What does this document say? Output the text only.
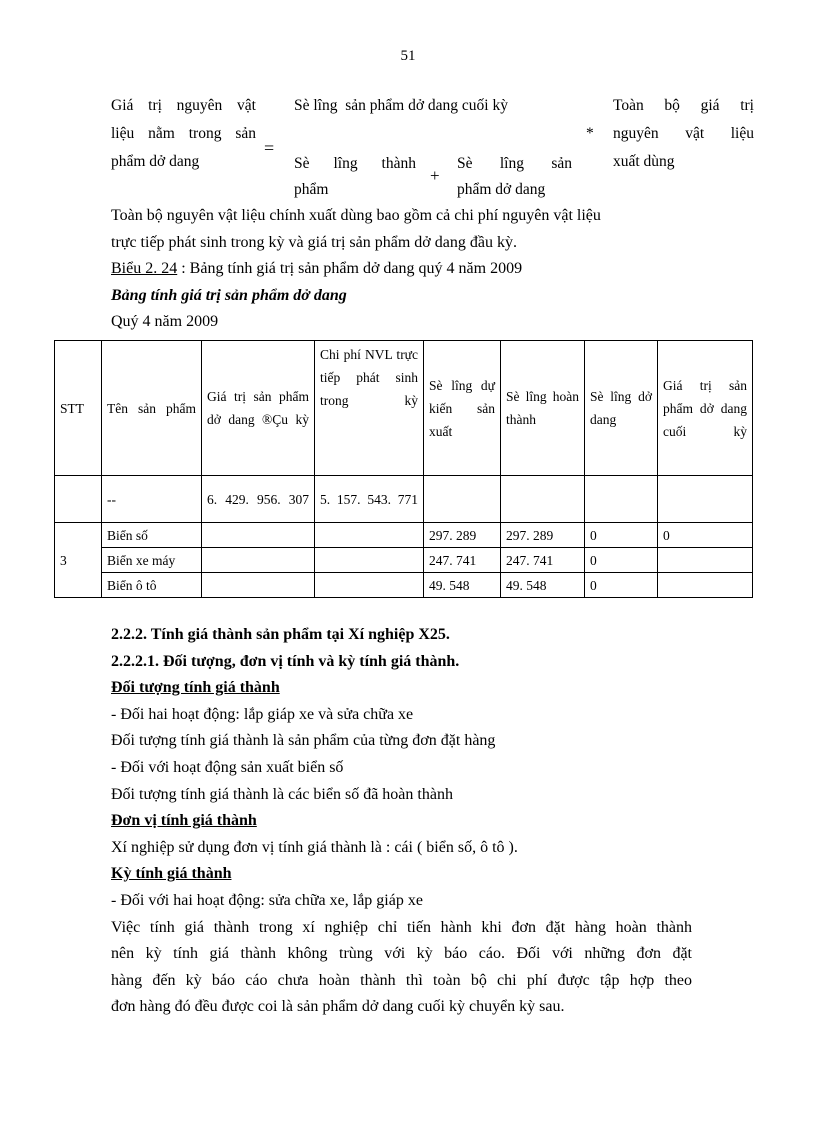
51
Giá trị nguyên vật
liệu nằm trong sản
phẩm dở dang
=
Sè lîng  sản phẩm dở dang cuối kỳ
Sè lîng thành
phẩm
+
Sè lîng sản
phẩm dở dang
*
Toàn bộ giá trị
nguyên vật liệu
xuất dùng
Toàn bộ nguyên vật liệu chính xuất dùng bao gồm cả chi phí nguyên vật liệu
trực tiếp phát sinh trong kỳ và giá trị sản phẩm dở dang đầu kỳ.
Biểu 2. 24 : Bảng tính giá trị sản phẩm dở dang quý 4 năm 2009
Bảng tính giá trị sản phẩm dở dang
Quý 4 năm 2009
STT	Tên sản phẩm	Giá trị sản phẩm dở dang ®Çu kỳ	Chi phí NVL trực tiếp phát sinh trong kỳ	Sè lîng dự kiến sản xuất	Sè lîng hoàn thành	Sè lîng dở dang	Giá trị sản phẩm dở dang cuối kỳ
	--	6. 429. 956. 307	5. 157. 543. 771				
3	Biển số			297. 289	297. 289	0	0
	Biển xe máy			247. 741	247. 741	0	
	Biển ô tô			49. 548	49. 548	0	
2.2.2. Tính giá thành sản phẩm tại Xí nghiệp X25.
2.2.2.1. Đối tượng, đơn vị tính và kỳ tính giá thành.
Đối tượng tính giá thành
- Đối hai hoạt động: lắp giáp xe và sửa chữa xe
Đối tượng tính giá thành là sản phẩm của từng đơn đặt hàng
- Đối với hoạt động sản xuất biển số
Đối tượng tính giá thành là các biển số đã hoàn thành
Đơn vị tính giá thành
Xí nghiệp sử dụng đơn vị tính giá thành là : cái ( biển số, ô tô ).
Kỳ tính giá thành
- Đối với hai hoạt động: sửa chữa xe, lắp giáp xe
Việc tính giá thành trong xí nghiệp chỉ tiến hành khi đơn đặt hàng hoàn thành
nên kỳ tính giá thành không trùng với kỳ báo cáo. Đối với những đơn đặt
hàng đến kỳ báo cáo chưa hoàn thành thì toàn bộ chi phí được tập hợp theo
đơn hàng đó đều được coi là sản phẩm dở dang cuối kỳ chuyển kỳ sau.
